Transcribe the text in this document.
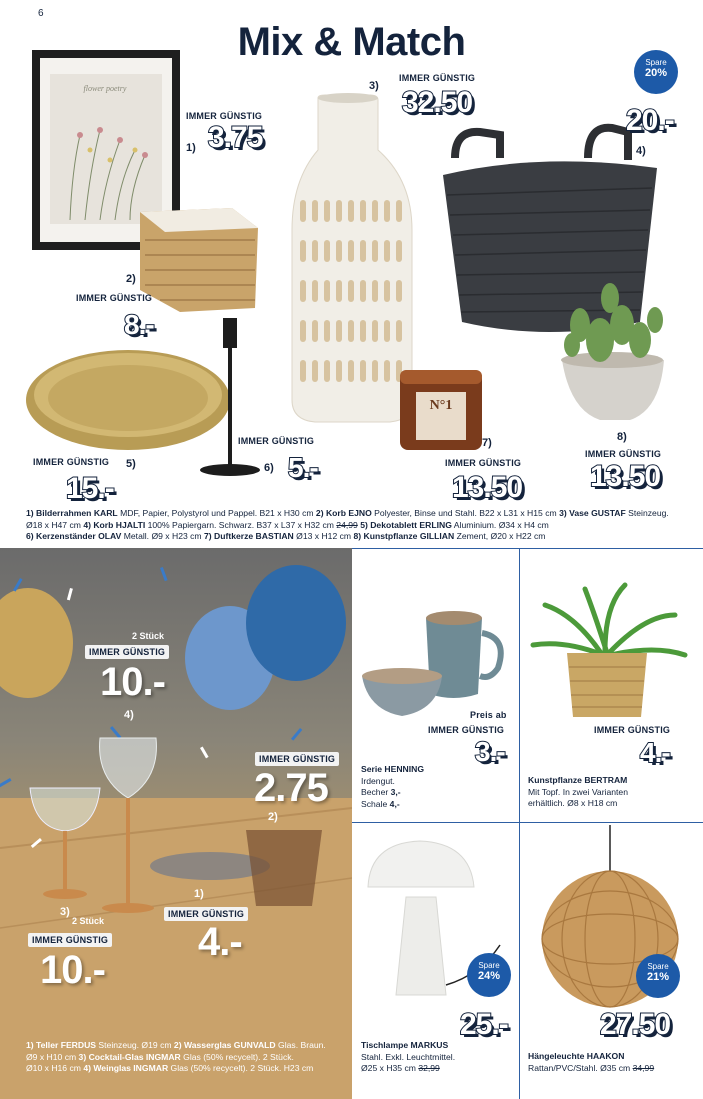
6
Mix & Match
N°1
flower poetry
Spare
20%
IMMER GÜNSTIG
1) 3.75
2)
IMMER GÜNSTIG
8.-
3)
IMMER GÜNSTIG
32.50
20.-
4)
IMMER GÜNSTIG 5)
15.-
IMMER GÜNSTIG
6) 5.-
7)
IMMER GÜNSTIG
13.50
8)
IMMER GÜNSTIG
13.50
1) Bilderrahmen KARL MDF, Papier, Polystyrol und Pappel. B21 x H30 cm 2) Korb EJNO Polyester, Binse und Stahl. B22 x L31 x H15 cm 3) Vase GUSTAF Steinzeug. Ø18 x H47 cm 4) Korb HJALTI 100% Papiergarn. Schwarz. B37 x L37 x H32 cm 24,99 5) Dekotablett ERLING Aluminium. Ø34 x H4 cm
6) Kerzenständer OLAV Metall. Ø9 x H23 cm 7) Duftkerze BASTIAN Ø13 x H12 cm 8) Kunstpflanze GILLIAN Zement, Ø20 x H22 cm
2 Stück
IMMER GÜNSTIG
10.-
4)
IMMER GÜNSTIG
2.75
2)
1)
IMMER GÜNSTIG
4.-
3)
2 Stück
IMMER GÜNSTIG
10.-
1) Teller FERDUS Steinzeug. Ø19 cm 2) Wasserglas GUNVALD Glas. Braun.
Ø9 x H10 cm 3) Cocktail-Glas INGMAR Glas (50% recycelt). 2 Stück.
Ø10 x H16 cm 4) Weinglas INGMAR Glas (50% recycelt). 2 Stück. H23 cm
Preis ab
IMMER GÜNSTIG
3.-
Serie HENNING
Irdengut.
Becher 3,-
Schale 4,-
IMMER GÜNSTIG
4.-
Kunstpflanze BERTRAM
Mit Topf. In zwei Varianten
erhältlich. Ø8 x H18 cm
Spare
24%
25.-
Tischlampe MARKUS
Stahl. Exkl. Leuchtmittel.
Ø25 x H35 cm 32,99
Spare
21%
27.50
Hängeleuchte HAAKON
Rattan/PVC/Stahl. Ø35 cm 34,99
